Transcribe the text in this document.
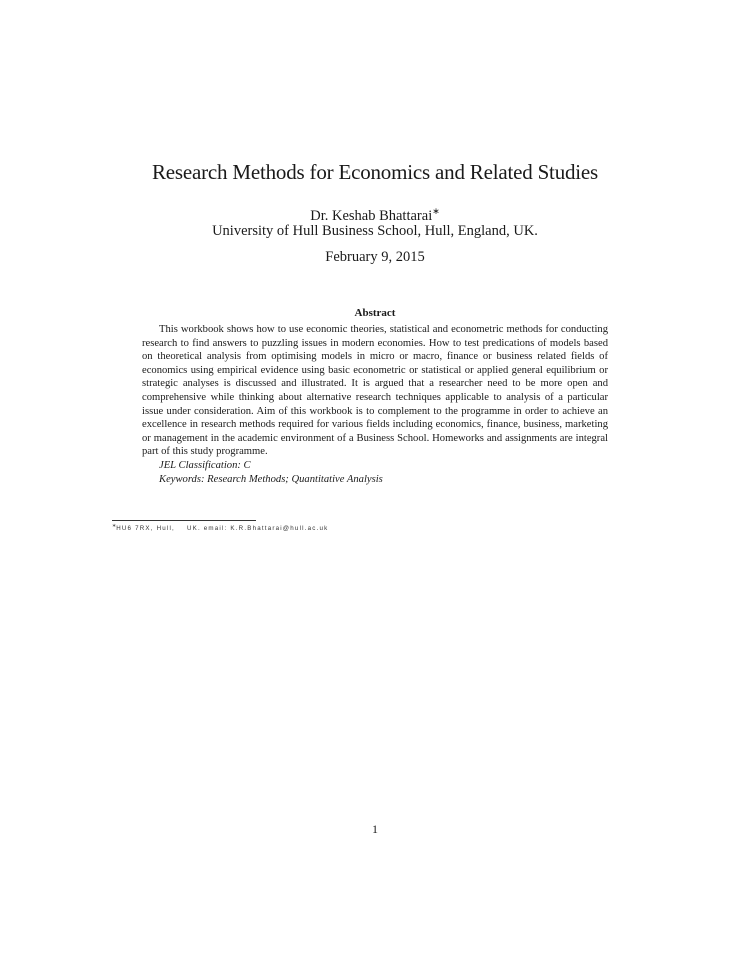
Research Methods for Economics and Related Studies
Dr. Keshab Bhattarai∗
University of Hull Business School, Hull, England, UK.
February 9, 2015
Abstract

This workbook shows how to use economic theories, statistical and econometric methods for conducting research to find answers to puzzling issues in modern economies. How to test predications of models based on theoretical analysis from optimising models in micro or macro, finance or business related fields of economics using empirical evidence using basic econometric or statistical or applied general equilibrium or strategic analyses is discussed and illustrated. It is argued that a researcher need to be more open and comprehensive while thinking about alternative research techniques applicable to analysis of a particular issue under consideration. Aim of this workbook is to complement to the programme in order to achieve an excellence in research methods required for various fields including economics, finance, business, marketing or management in the academic environment of a Business School. Homeworks and assignments are integral part of this study programme.

JEL Classification: C

Keywords: Research Methods; Quantitative Analysis

∗HU6 7RX, Hull, UK. email: K.R.Bhattarai@hull.ac.uk
1
